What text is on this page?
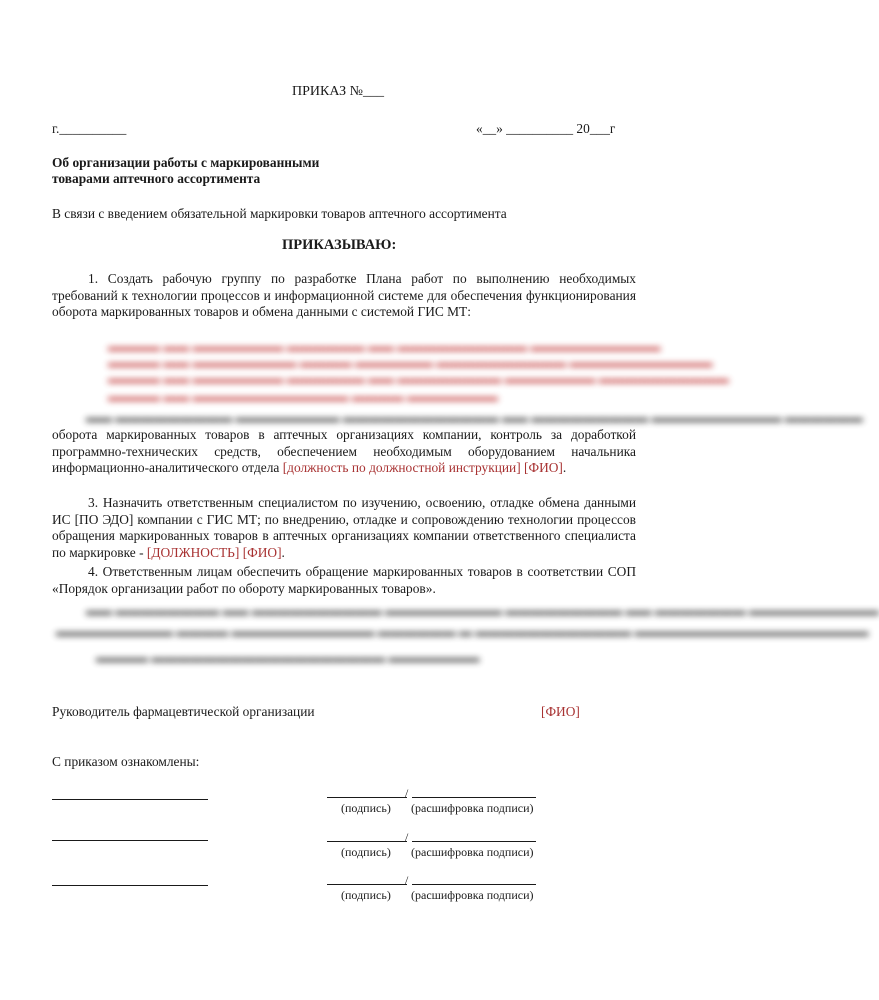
ПРИКАЗ №___
г.__________	«__» __________ 20___г
Об организации работы с маркированными
товарами аптечного ассортимента
В связи с введением обязательной маркировки товаров аптечного ассортимента
ПРИКАЗЫВАЮ:
1. Создать рабочую группу по разработке Плана работ по выполнению необходимых требований к технологии процессов и информационной системе для обеспечения функционирования оборота маркированных товаров и обмена данными с системой ГИС МТ:
▬▬▬▬ ▬▬ ▬▬▬▬▬▬▬ ▬▬▬▬▬▬ ▬▬ ▬▬▬▬▬▬▬▬▬▬ ▬▬▬▬▬▬▬▬▬▬
▬▬▬▬ ▬▬ ▬▬▬▬▬▬▬▬ ▬▬▬▬ ▬▬▬▬▬▬ ▬▬▬▬▬▬▬▬▬▬ ▬▬▬▬▬▬▬▬▬▬▬
▬▬▬▬ ▬▬ ▬▬▬▬▬▬▬ ▬▬▬▬▬▬ ▬▬ ▬▬▬▬▬▬▬▬ ▬▬▬▬▬▬▬ ▬▬▬▬▬▬▬▬▬▬
▬▬▬▬ ▬▬ ▬▬▬▬▬▬▬▬▬▬▬▬ ▬▬▬▬ ▬▬▬▬▬▬▬
▬▬ ▬▬▬▬▬▬▬▬▬ ▬▬▬▬▬▬▬▬ ▬▬▬▬▬▬▬▬▬▬▬▬ ▬▬ ▬▬▬▬▬▬▬▬▬ ▬▬▬▬▬▬▬▬▬▬ ▬▬▬▬▬▬
оборота маркированных товаров в аптечных организациях компании, контроль за доработкой программно-технических средств, обеспечением необходимым оборудованием начальника информационно-аналитического отдела [должность по должностной инструкции] [ФИО].
3. Назначить ответственным специалистом по изучению, освоению, отладке обмена данными ИС [ПО ЭДО] компании с ГИС МТ; по внедрению, отладке и сопровождению технологии процессов обращения маркированных товаров в аптечных организациях компании ответственного специалиста по маркировке - [ДОЛЖНОСТЬ] [ФИО].
4. Ответственным лицам обеспечить обращение маркированных товаров в соответствии СОП «Порядок организации работ по обороту маркированных товаров».
▬▬ ▬▬▬▬▬▬▬▬ ▬▬ ▬▬▬▬▬▬▬▬▬▬ ▬▬▬▬▬▬▬▬▬ ▬▬▬▬▬▬▬▬▬ ▬▬ ▬▬▬▬▬▬▬ ▬▬▬▬▬▬▬▬▬▬
▬▬▬▬▬▬▬▬▬ ▬▬▬▬ ▬▬▬▬▬▬▬▬▬▬▬ ▬▬▬▬▬▬ ▬ ▬▬▬▬▬▬▬▬▬▬▬▬ ▬▬▬▬▬▬▬▬▬▬▬▬▬▬▬▬▬▬
▬▬▬▬ ▬▬▬▬▬▬▬▬▬▬▬▬▬▬▬▬▬▬ ▬▬▬▬▬▬▬
Руководитель фармацевтической организации	[ФИО]
С приказом ознакомлены:
/
(подпись) (расшифровка подписи)
/
(подпись) (расшифровка подписи)
/
(подпись) (расшифровка подписи)
